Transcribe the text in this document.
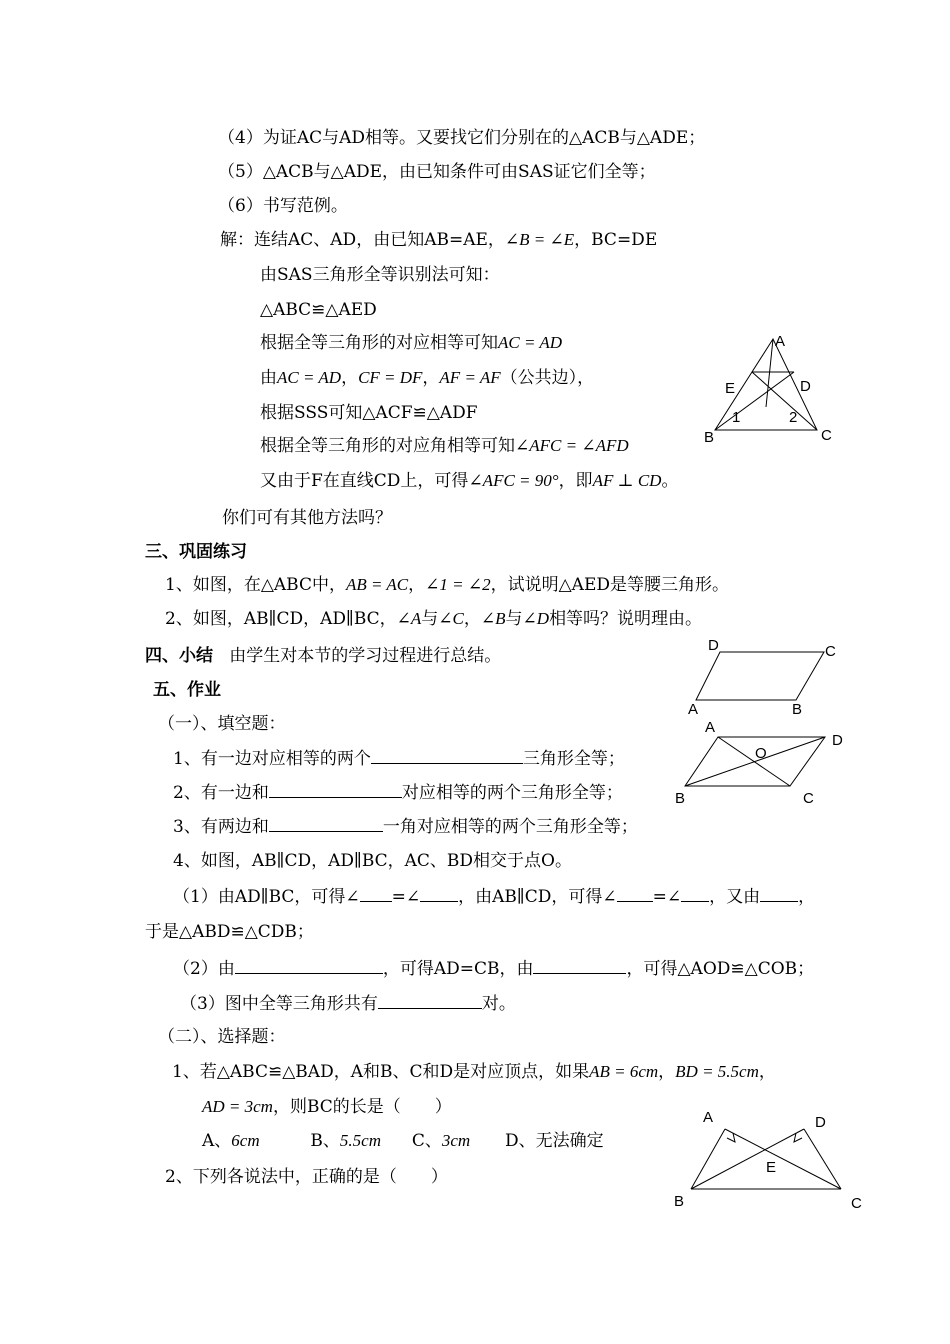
（4）为证AC与AD相等。又要找它们分别在的△ACB与△ADE；
（5）△ACB与△ADE，由已知条件可由SAS证它们全等；
（6）书写范例。
解：连结AC、AD，由已知AB=AE，∠B = ∠E，BC=DE
由SAS三角形全等识别法可知：
△ABC≌△AED
根据全等三角形的对应相等可知AC = AD
由AC = AD，CF = DF，AF = AF（公共边），
根据SSS可知△ACF≌△ADF
根据全等三角形的对应角相等可知∠AFC = ∠AFD
又由于F在直线CD上，可得∠AFC = 90°，即AF ⊥ CD。
你们可有其他方法吗？
三、巩固练习
1、如图，在△ABC中，AB = AC，∠1 = ∠2，试说明△AED是等腰三角形。
2、如图，AB∥CD，AD∥BC，∠A与∠C，∠B与∠D相等吗？说明理由。
四、小结 由学生对本节的学习过程进行总结。
五、作业
（一）、填空题：
1、有一边对应相等的两个	三角形全等；
2、有一边和	对应相等的两个三角形全等；
3、有两边和	一角对应相等的两个三角形全等；
4、如图，AB∥CD，AD∥BC，AC、BD相交于点O。
（1）由AD∥BC，可得∠ =∠ ，由AB∥CD，可得∠ =∠ ，又由 ，
于是△ABD≌△CDB；
（2）由	，可得AD=CB，由	，可得△AOD≌△COB；
（3）图中全等三角形共有	对。
（二）、选择题：
1、若△ABC≌△BAD，A和B、C和D是对应顶点，如果AB = 6cm，BD = 5.5cm，
AD = 3cm，则BC的长是（　　）
A、6cm	B、5.5cm C、3cm D、无法确定
2、下列各说法中，正确的是（　　）
A
E	D
1	2
B	C
D	C
A	B
A
D
O
B	C
A	D
E
B	C
